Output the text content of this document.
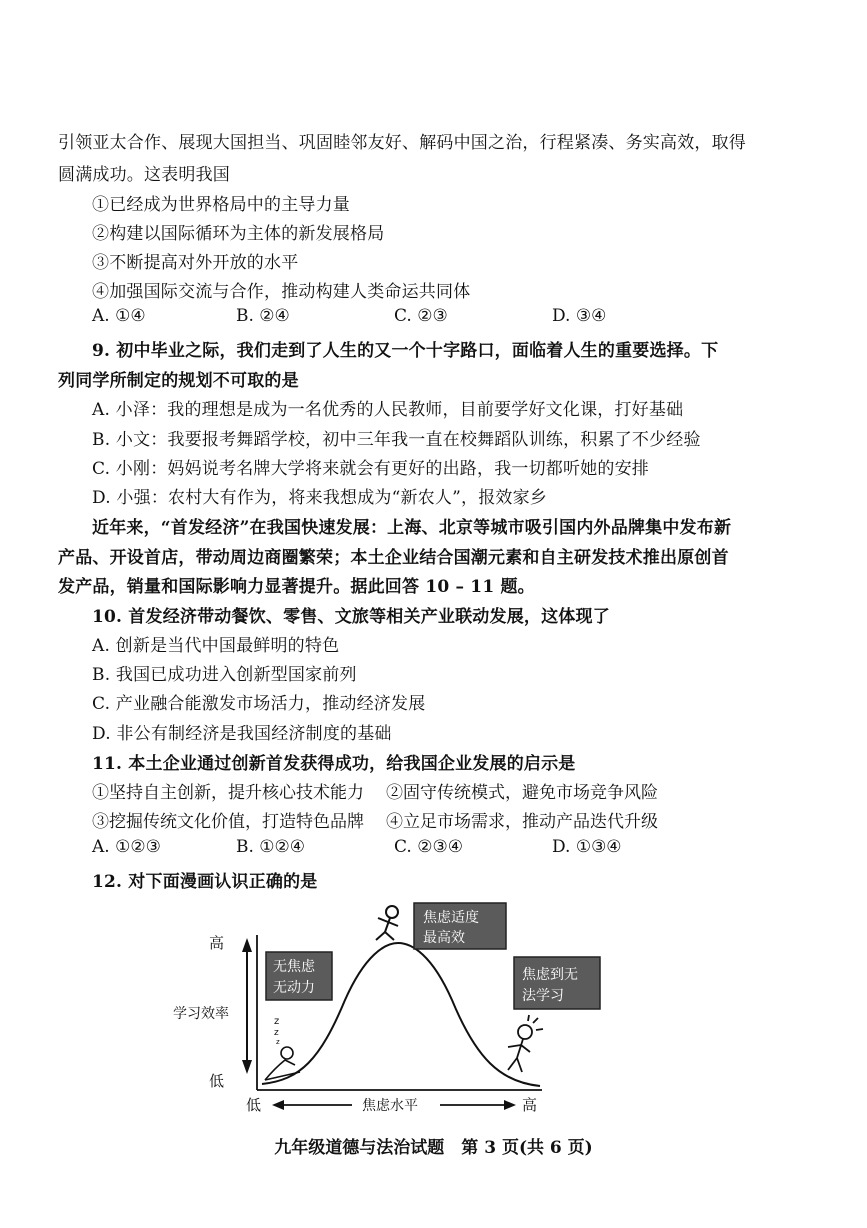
引领亚太合作、展现大国担当、巩固睦邻友好、解码中国之治，行程紧凑、务实高效，取得
圆满成功。这表明我国
①已经成为世界格局中的主导力量
②构建以国际循环为主体的新发展格局
③不断提高对外开放的水平
④加强国际交流与合作，推动构建人类命运共同体
A. ①④	B. ②④	C. ②③	D. ③④
9. 初中毕业之际，我们走到了人生的又一个十字路口，面临着人生的重要选择。下
列同学所制定的规划不可取的是
A. 小泽：我的理想是成为一名优秀的人民教师，目前要学好文化课，打好基础
B. 小文：我要报考舞蹈学校，初中三年我一直在校舞蹈队训练，积累了不少经验
C. 小刚：妈妈说考名牌大学将来就会有更好的出路，我一切都听她的安排
D. 小强：农村大有作为，将来我想成为“新农人”，报效家乡
近年来，“首发经济”在我国快速发展：上海、北京等城市吸引国内外品牌集中发布新
产品、开设首店，带动周边商圈繁荣；本土企业结合国潮元素和自主研发技术推出原创首
发产品，销量和国际影响力显著提升。据此回答 10 – 11 题。
10. 首发经济带动餐饮、零售、文旅等相关产业联动发展，这体现了
A. 创新是当代中国最鲜明的特色
B. 我国已成功进入创新型国家前列
C. 产业融合能激发市场活力，推动经济发展
D. 非公有制经济是我国经济制度的基础
11. 本土企业通过创新首发获得成功，给我国企业发展的启示是
①坚持自主创新，提升核心技术能力 ②固守传统模式，避免市场竞争风险
③挖掘传统文化价值，打造特色品牌 ④立足市场需求，推动产品迭代升级
A. ①②③	B. ①②④	C. ②③④	D. ①③④
12. 对下面漫画认识正确的是
高
学习效率
低
低	焦虑水平	高
无焦虑
无动力
焦虑适度
最高效
焦虑到无
法学习
z
z
z
九年级道德与法治试题　第 3 页(共 6 页)
